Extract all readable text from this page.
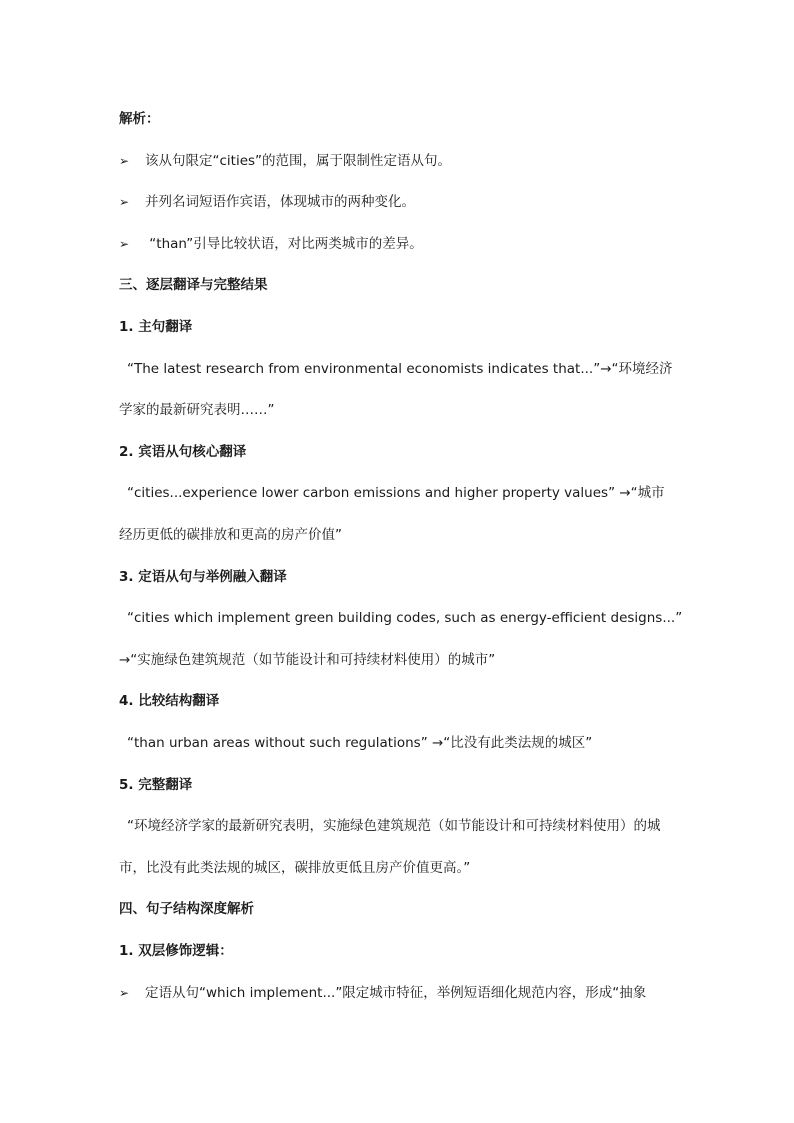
解析：
➢ 该从句限定“cities”的范围，属于限制性定语从句。
➢ 并列名词短语作宾语，体现城市的两种变化。
➢ “than”引导比较状语，对比两类城市的差异。
三、逐层翻译与完整结果
1. 主句翻译
“The latest research from environmental economists indicates that...”→“环境经济
学家的最新研究表明……”
2. 宾语从句核心翻译
“cities...experience lower carbon emissions and higher property values” →“城市
经历更低的碳排放和更高的房产价值”
3. 定语从句与举例融入翻译
“cities which implement green building codes, such as energy-efficient designs...”
→“实施绿色建筑规范（如节能设计和可持续材料使用）的城市”
4. 比较结构翻译
“than urban areas without such regulations” →“比没有此类法规的城区”
5. 完整翻译
“环境经济学家的最新研究表明，实施绿色建筑规范（如节能设计和可持续材料使用）的城
市，比没有此类法规的城区，碳排放更低且房产价值更高。”
四、句子结构深度解析
1. 双层修饰逻辑：
➢ 定语从句“which implement...”限定城市特征，举例短语细化规范内容，形成“抽象
